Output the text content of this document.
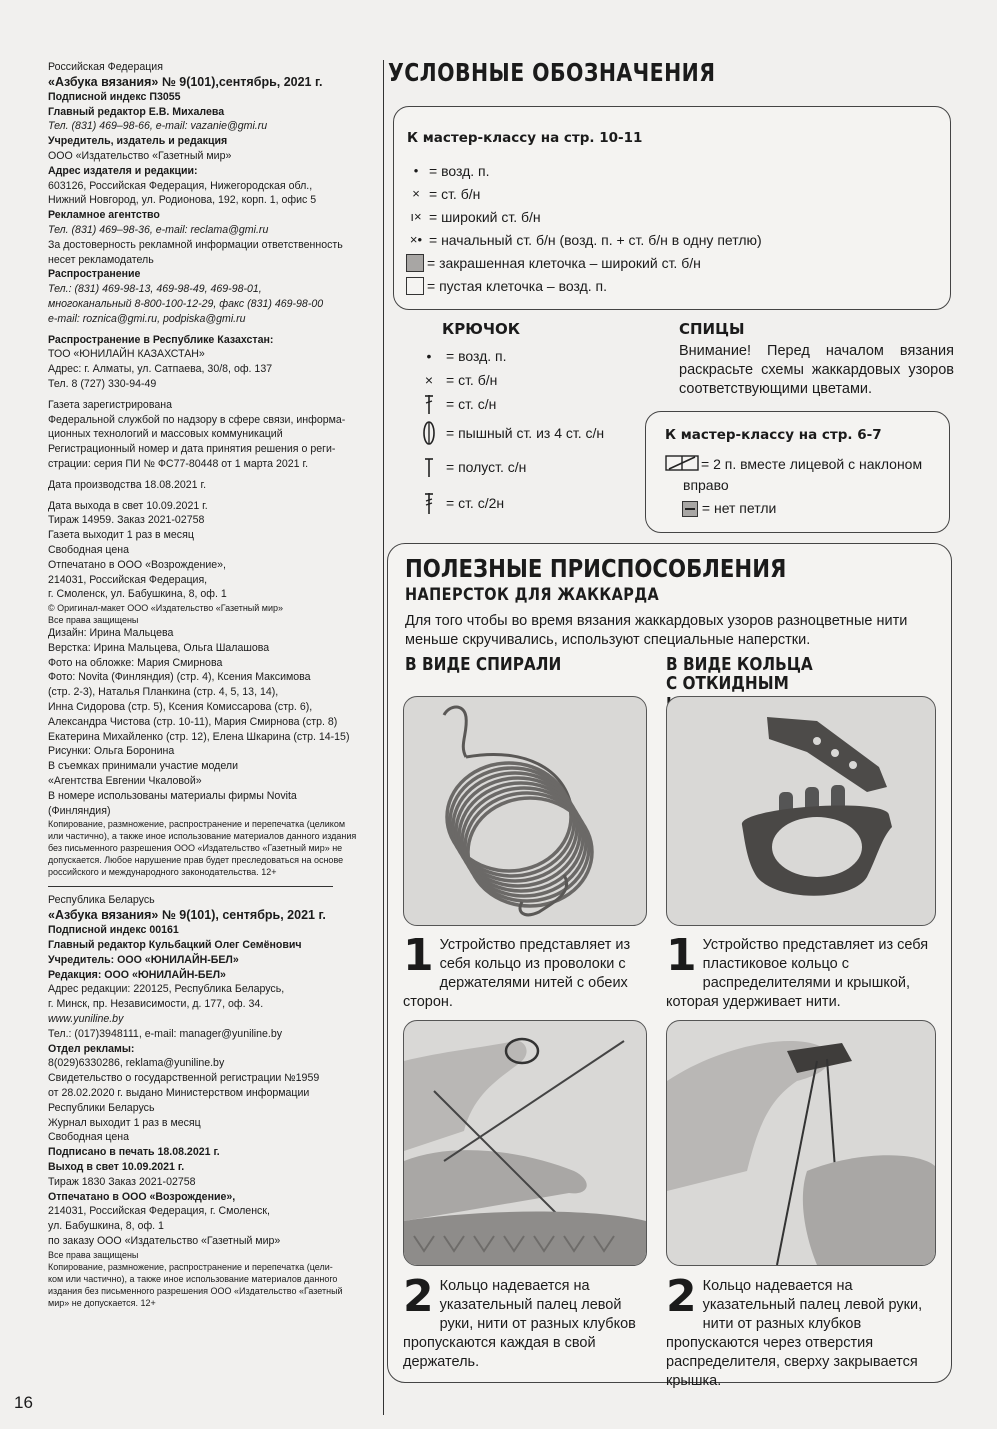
Российская Федерация

«Азбука вязания» № 9(101),сентябрь, 2021 г.

Подписной индекс П3055

Главный редактор Е.В. Михалева

Тел. (831) 469–98-66, e-mail: vazanie@gmi.ru

Учредитель, издатель и редакция

ООО «Издательство «Газетный мир»

Адрес издателя и редакции:

603126, Российская Федерация, Нижегородская обл.,

Нижний Новгород, ул. Родионова, 192, корп. 1, офис 5

Рекламное агентство

Тел. (831) 469–98-36, e-mail: reclama@gmi.ru

За достоверность рекламной информации ответственность

несет рекламодатель

Распространение

Тел.: (831) 469-98-13, 469-98-49, 469-98-01,

многоканальный 8-800-100-12-29, факс (831) 469-98-00

e-mail: roznica@gmi.ru, podpiska@gmi.ru

Распространение в Республике Казахстан:

ТОО «ЮНИЛАЙН КАЗАХСТАН»

Адрес: г. Алматы, ул. Сатпаева, 30/8, оф. 137

Тел. 8 (727) 330-94-49

Газета зарегистрирована

Федеральной службой по надзору в сфере связи, информа-

ционных технологий и массовых коммуникаций

Регистрационный номер и дата принятия решения о реги-

страции: серия ПИ № ФС77-80448 от 1 марта 2021 г.

Дата производства 18.08.2021 г.

Дата выхода в свет 10.09.2021 г.

Тираж 14959. Заказ 2021-02758

Газета выходит 1 раз в месяц

Свободная цена

Отпечатано в ООО «Возрождение»,

214031, Российская Федерация,

г. Смоленск, ул. Бабушкина, 8, оф. 1

© Оригинал-макет ООО «Издательство «Газетный мир»

Все права защищены

Дизайн: Ирина Мальцева

Верстка: Ирина Мальцева, Ольга Шалашова

Фото на обложке: Мария Смирнова

Фото: Novita (Финляндия) (стр. 4), Ксения Максимова

(стр. 2-3), Наталья Планкина (стр. 4, 5, 13, 14),

Инна Сидорова (стр. 5), Ксения Комиссарова (стр. 6),

Александра Чистова (стр. 10-11), Мария Смирнова (стр. 8)

Екатерина Михайленко (стр. 12), Елена Шкарина (стр. 14-15)

Рисунки: Ольга Боронина

В съемках принимали участие модели

«Агентства Евгении Чкаловой»

В номере использованы материалы фирмы Novita

(Финляндия)

Копирование, размножение, распространение и перепечатка (целиком

или частично), а также иное использование материалов данного издания

без письменного разрешения ООО «Издательство «Газетный мир» не

допускается. Любое нарушение прав будет преследоваться на основе

российского и международного законодательства. 12+

Республика Беларусь

«Азбука вязания» № 9(101), сентябрь, 2021 г.

Подписной индекс 00161

Главный редактор Кульбацкий Олег Семёнович

Учредитель: ООО «ЮНИЛАЙН-БЕЛ»

Редакция: ООО «ЮНИЛАЙН-БЕЛ»

Адрес редакции: 220125, Республика Беларусь,

г. Минск, пр. Независимости, д. 177, оф. 34.

www.yuniline.by

Тел.: (017)3948111, e-mail: manager@yuniline.by

Отдел рекламы:

8(029)6330286, reklama@yuniline.by

Свидетельство о государственной регистрации №1959

от 28.02.2020 г. выдано Министерством информации

Республики Беларусь

Журнал выходит 1 раз в месяц

Свободная цена

Подписано в печать 18.08.2021 г.

Выход в свет 10.09.2021 г.

Тираж 1830 Заказ 2021-02758

Отпечатано в ООО «Возрождение»,

214031, Российская Федерация, г. Смоленск,

ул. Бабушкина, 8, оф. 1

по заказу ООО «Издательство «Газетный мир»

Все права защищены

Копирование, размножение, распространение и перепечатка (цели-

ком или частично), а также иное использование материалов данного

издания без письменного разрешения ООО «Издательство «Газетный

мир» не допускается. 12+

16
УСЛОВНЫЕ ОБОЗНАЧЕНИЯ
К мастер-классу на стр. 10-11
• = возд. п.
× = ст. б/н
ı× = широкий ст. б/н
×• = начальный ст. б/н (возд. п. + ст. б/н в одну петлю)
= закрашенная клеточка – широкий ст. б/н
= пустая клеточка – возд. п.
КРЮЧОК
•	= возд. п.
× = ст. б/н
= ст. с/н
= пышный ст. из 4 ст. с/н
= полуст. с/н
= ст. с/2н
СПИЦЫ

Внимание! Перед началом вязания раскрасьте схемы жаккардовых узоров соответствующими цветами.

К мастер-классу на стр. 6-7
= 2 п. вместе лицевой с наклоном
вправо
= нет петли
ПОЛЕЗНЫЕ ПРИСПОСОБЛЕНИЯ
НАПЕРСТОК ДЛЯ ЖАККАРДА
Для того чтобы во время вязания жаккардовых узоров разноцветные нити меньше скручивались, используют специальные наперстки.
В ВИДЕ СПИРАЛИ	В ВИДЕ КОЛЬЦА
С ОТКИДНЫМ
1 Устройство представляет из себя кольцо из проволоки с держателями нитей с обеих сторон.
1 Устройство представляет из себя пластиковое кольцо с распределителями и крышкой, которая удерживает нити.
2 Кольцо надевается на указательный палец левой руки, нити от разных клубков пропускаются каждая в свой держатель.
2 Кольцо надевается на указательный палец левой руки, нити от разных клубков пропускаются через отверстия распределителя, сверху закрывается крышка.
